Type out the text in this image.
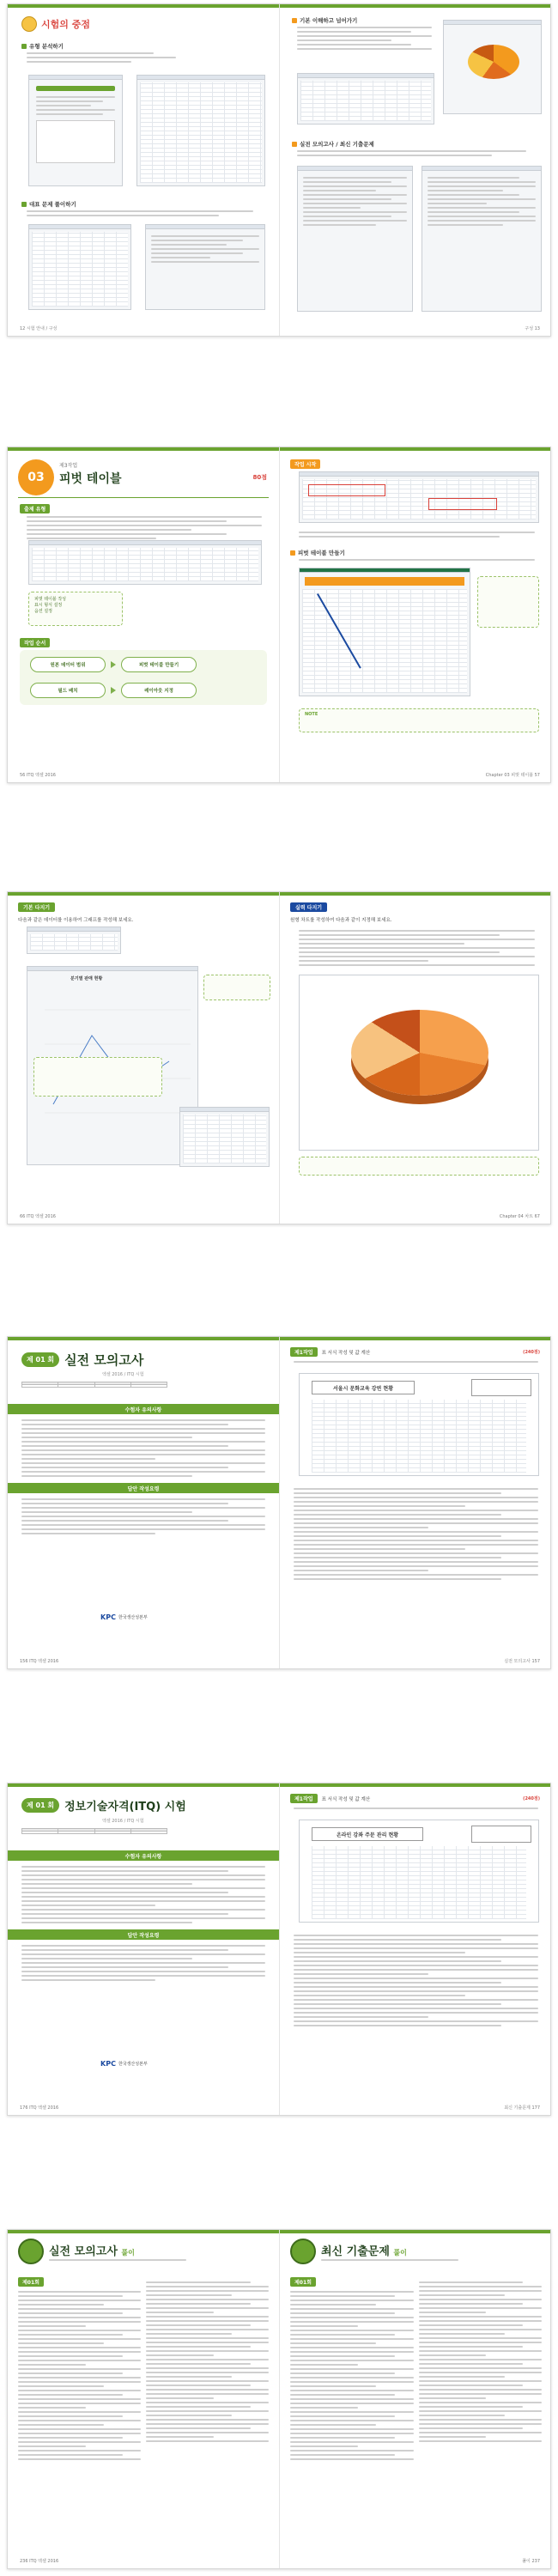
시험의 중점
유형 분석하기
대표 문제 풀이하기
12 시험 안내 / 구성
기본 이해하고 넘어가기
실전 모의고사 / 최신 기출문제
구성 13
03
제3작업
피벗 테이블	80점
출제 유형
피벗 테이블 작성
표시 형식 설정
옵션 설정
작업 순서
원본 데이터 범위	피벗 테이블 만들기
필드 배치	레이아웃 지정
56 ITQ 엑셀 2016
작업 시작
피벗 테이블 만들기
NOTE
Chapter 03 피벗 테이블 57
기본 다지기
다음과 같은 데이터를 이용하여 그래프를 작성해 보세요.
분기별 판매 현황
66 ITQ 엑셀 2016
실력 다지기
원형 차트를 작성하여 다음과 같이 지정해 보세요.
Chapter 04 차트 67
제 01 회 실전 모의고사
엑셀 2016 / ITQ 시험

수험자 유의사항
답안 작성요령
KPC 한국생산성본부
156 ITQ 엑셀 2016
제1작업	표 서식 작성 및 값 계산	(240점)
서울시 문화교육 강연 현황
실전 모의고사 157
제 01 회 정보기술자격(ITQ) 시험
엑셀 2016 / ITQ 시험

수험자 유의사항
답안 작성요령
KPC 한국생산성본부
176 ITQ 엑셀 2016
제1작업	표 서식 작성 및 값 계산	(240점)
온라인 강좌 주문 관리 현황
최신 기출문제 177
실전 모의고사 풀이
제01회
236 ITQ 엑셀 2016
최신 기출문제 풀이
제01회
풀이 237
